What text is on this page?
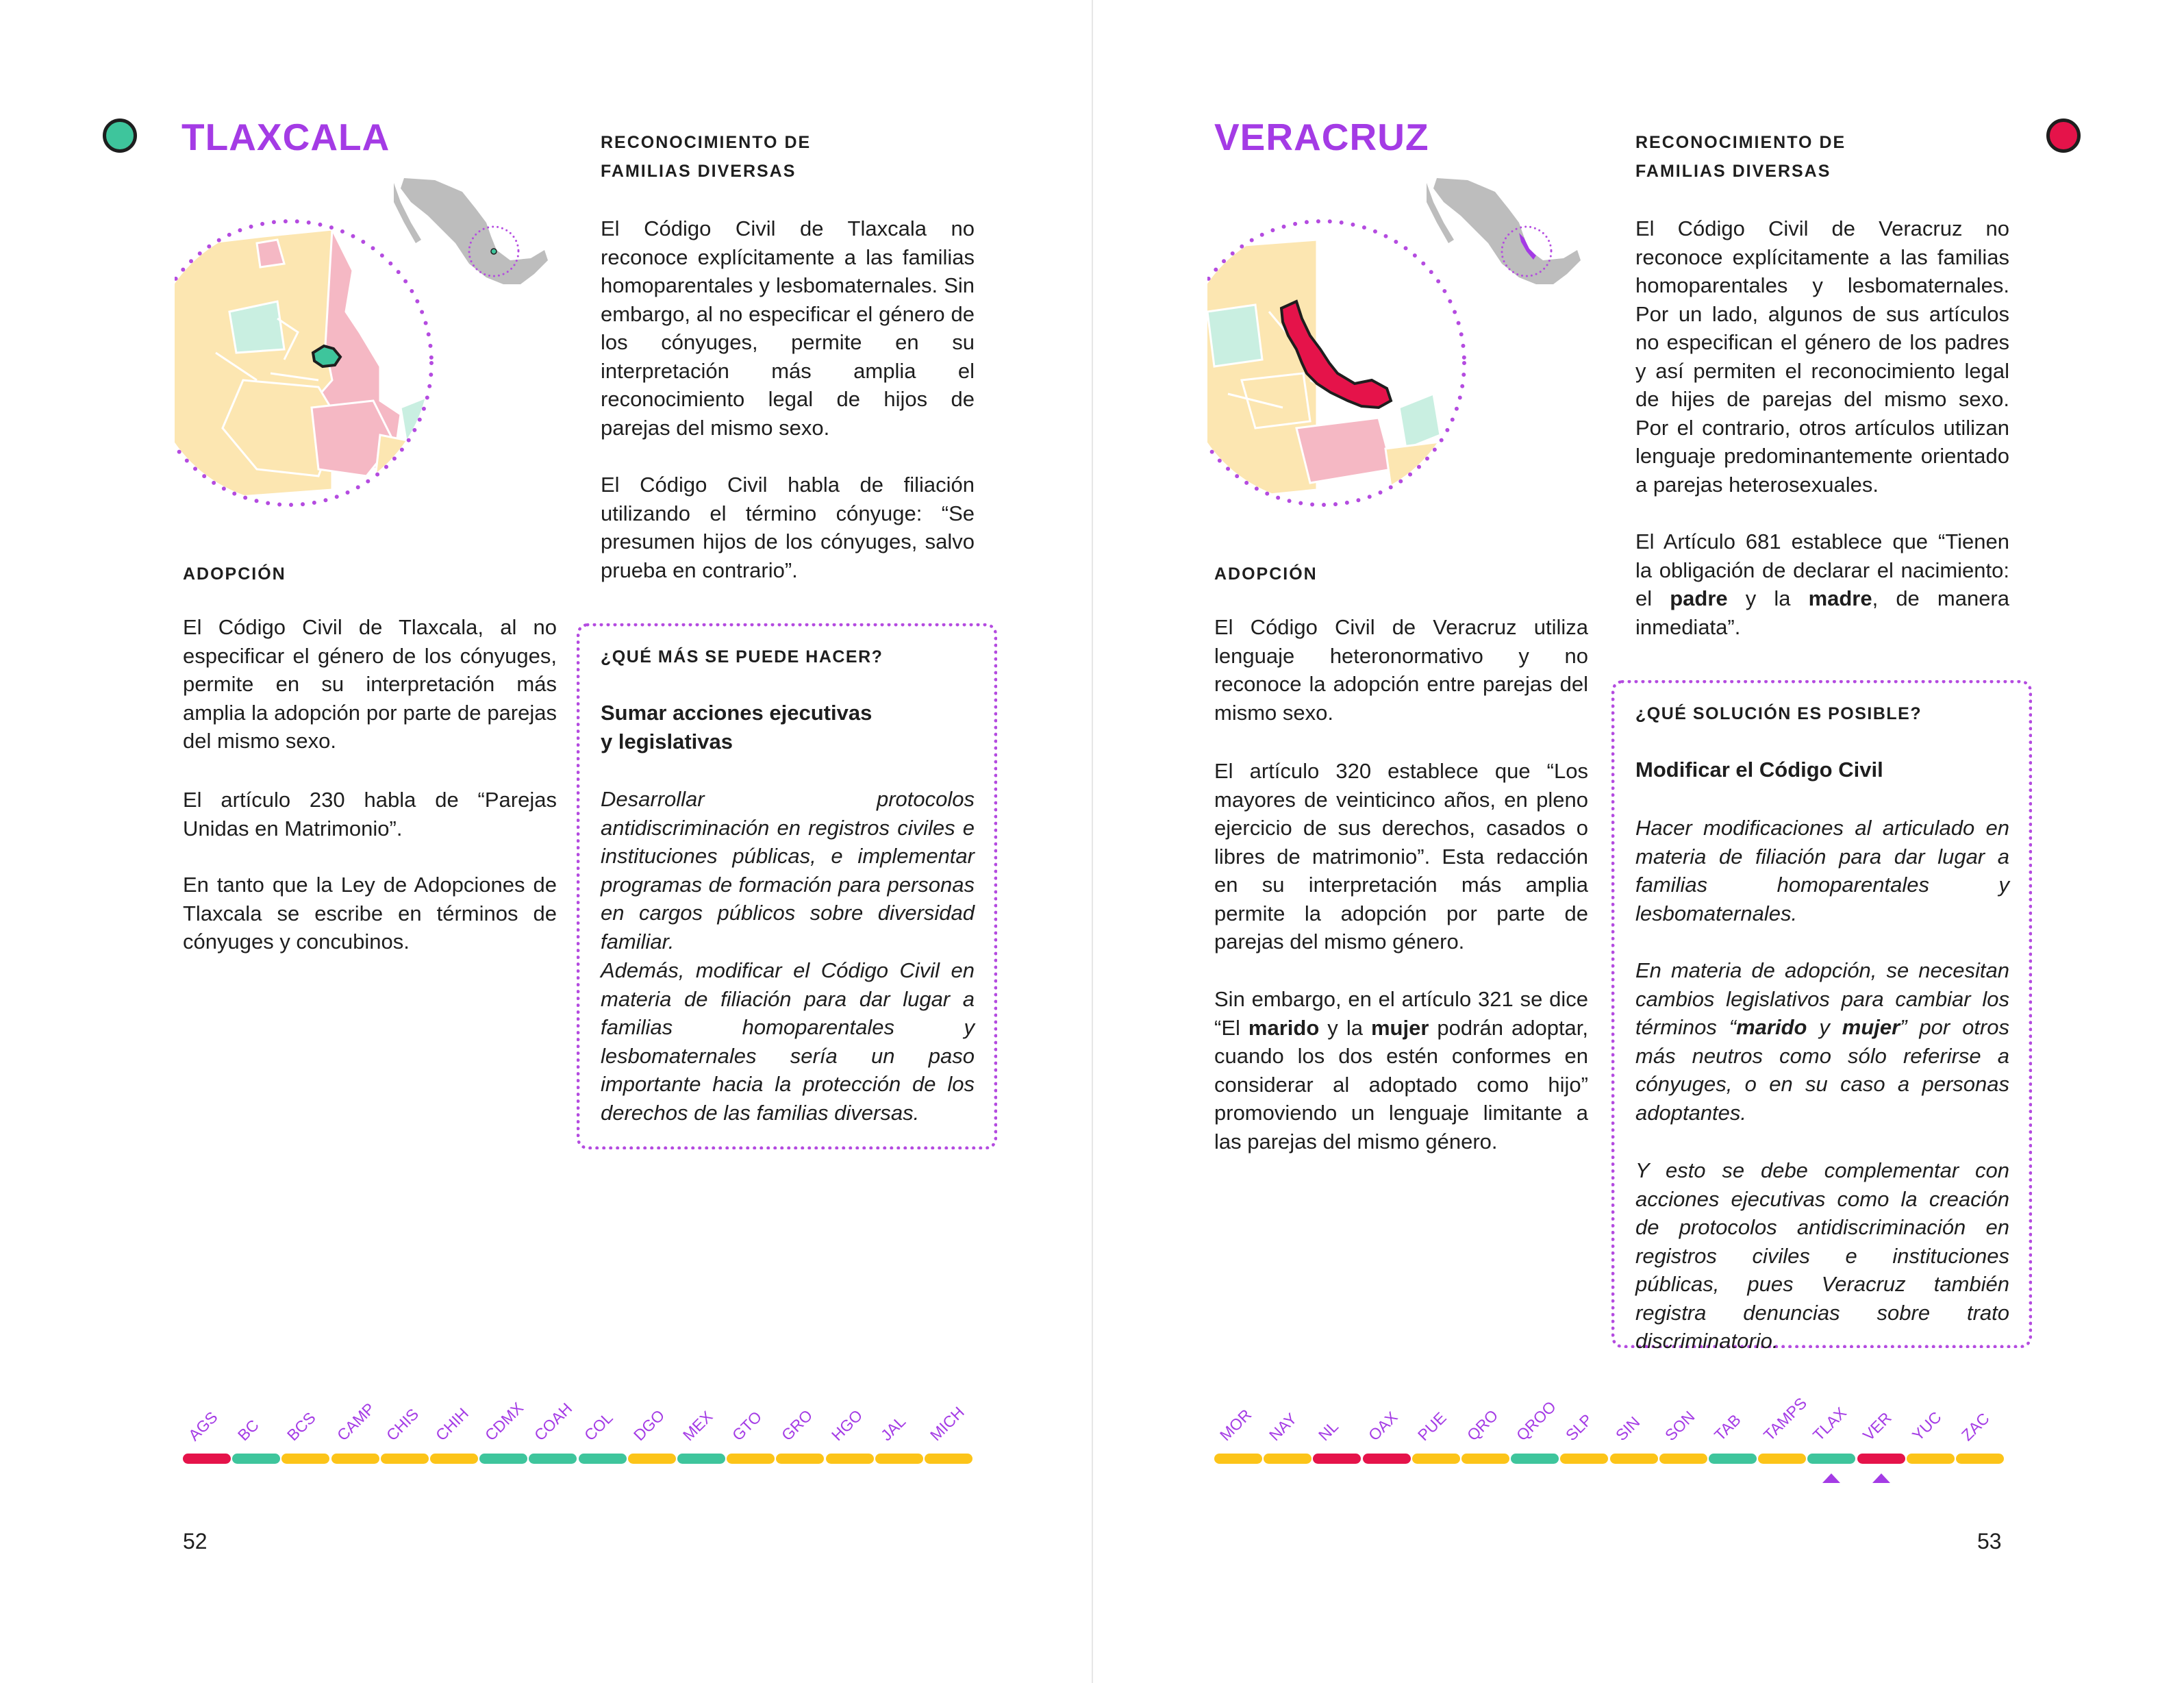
TLAXCALA	RECONOCIMIENTO DE
FAMILIAS DIVERSAS

El Código Civil de Tlaxcala no reconoce explícitamente a las familias homoparentales y lesbomaternales. Sin embargo, al no especificar el género de los cónyuges, permite en su interpretación más amplia el reconocimiento legal de hijos de parejas del mismo sexo.

El Código Civil habla de filiación utilizando el término cónyuge: “Se presumen hijos de los cónyuges, salvo prueba en contrario”.

ADOPCIÓN

El Código Civil de Tlaxcala, al no especificar el género de los cónyuges, permite en su interpretación más amplia la adopción por parte de parejas del mismo sexo.

El artículo 230 habla de “Parejas Unidas en Matrimonio”.

En tanto que la Ley de Adopciones de Tlaxcala se escribe en términos de cónyuges y concubinos.

¿QUÉ MÁS SE PUEDE HACER?

Sumar acciones ejecutivas
y legislativas

Desarrollar protocolos antidiscriminación en registros civiles e instituciones públicas, e implementar programas de formación para personas en cargos públicos sobre diversidad familiar.

Además, modificar el Código Civil en materia de filiación para dar lugar a familias homoparentales y lesbomaternales sería un paso importante hacia la protección de los derechos de las familias diversas.

AGS BC BCS CAMP CHIS CHIH CDMX COAH COL DGO MEX GTO GRO HGO JAL MICH

52

VERACRUZ	RECONOCIMIENTO DE
FAMILIAS DIVERSAS

El Código Civil de Veracruz no reconoce explícitamente a las familias homoparentales y lesbomaternales. Por un lado, algunos de sus artículos no especifican el género de los padres y así permiten el reconocimiento legal de hijes de parejas del mismo sexo. Por el contrario, otros artículos utilizan lenguaje predominantemente orientado a parejas heterosexuales.

El Artículo 681 establece que “Tienen la obligación de declarar el nacimiento: el padre y la madre, de manera inmediata”.

ADOPCIÓN

El Código Civil de Veracruz utiliza lenguaje heteronormativo y no reconoce la adopción entre parejas del mismo sexo.

El artículo 320 establece que “Los mayores de veinticinco años, en pleno ejercicio de sus derechos, casados o libres de matrimonio”. Esta redacción en su interpretación más amplia permite la adopción por parte de parejas del mismo género.

Sin embargo, en el artículo 321 se dice “El marido y la mujer podrán adoptar, cuando los dos estén conformes en considerar al adoptado como hijo” promoviendo un lenguaje limitante a las parejas del mismo género.

¿QUÉ SOLUCIÓN ES POSIBLE?

Modificar el Código Civil

Hacer modificaciones al articulado en materia de filiación para dar lugar a familias homoparentales y lesbomaternales.

En materia de adopción, se necesitan cambios legislativos para cambiar los términos “marido y mujer” por otros más neutros como sólo referirse a cónyuges, o en su caso a personas adoptantes.

Y esto se debe complementar con acciones ejecutivas como la creación de protocolos antidiscriminación en registros civiles e instituciones públicas, pues Veracruz también registra denuncias sobre trato discriminatorio.

MOR NAY NL OAX PUE QRO QROO SLP SIN SON TAB TAMPS
TLAX VER YUC ZAC

53
